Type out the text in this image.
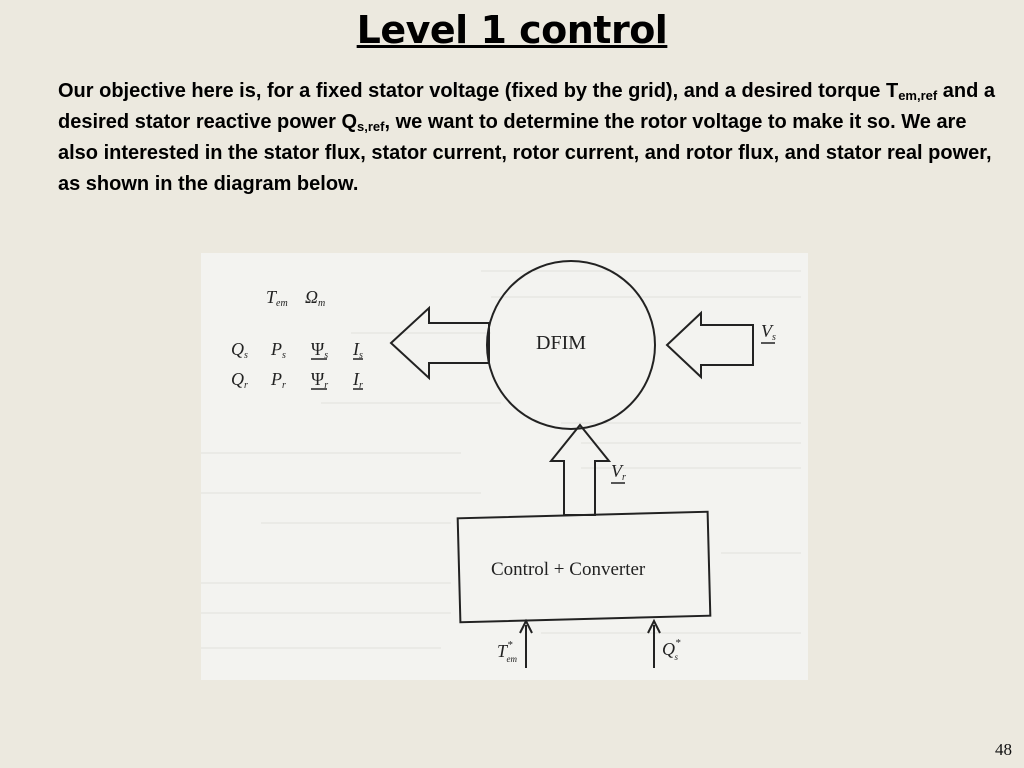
Level 1 control
Our objective here is, for a fixed stator voltage (fixed by the grid), and a desired torque $T_{em,ref}$ and a desired stator reactive power $Q_{s,ref}$, we want to determine the rotor voltage to make it so. We are also interested in the stator flux, stator current, rotor current, and rotor flux, and stator real power, as shown in the diagram below.
DFIM
Control + Converter
Tem Ωm
Qs Ps Ψs Is
Qr Pr Ψr Ir
Vs
Vr
T* em	Q* s
48
